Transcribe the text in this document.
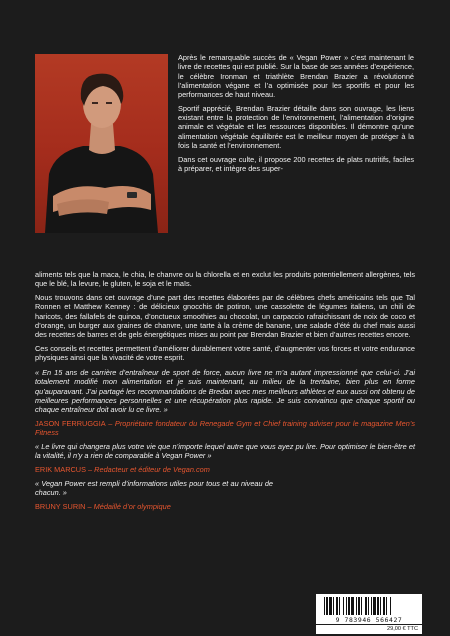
Après le remarquable succès de « Vegan Power » c’est maintenant le livre de recettes qui est publié. Sur la base de ses années d’expérience, le célèbre Ironman et triathlète Brendan Brazier a révolutionné l’alimentation végane et l’a optimisée pour les sportifs et pour les performances de haut niveau.

Sportif apprécié, Brendan Brazier détaille dans son ouvrage, les liens existant entre la protection de l’environnement, l’alimentation d’origine animale et végétale et les ressources disponibles. Il démontre qu’une alimentation végétale équilibrée est le meilleur moyen de protéger à la fois la santé et l’environnement.

Dans cet ouvrage culte, il propose 200 recettes de plats nutritifs, faciles à préparer, et intègre des super-

aliments tels que la maca, le chia, le chanvre ou la chlorella et en exclut les produits potentiellement allergènes, tels que le blé, la levure, le gluten, le soja et le maïs.

Nous trouvons dans cet ouvrage d’une part des recettes élaborées par de célèbres chefs américains tels que Tal Ronnen et Matthew Kenney : de délicieux gnocchis de potiron, une cassolette de légumes italiens, un chili de haricots, des fallafels de quinoa, d’onctueux smoothies au chocolat, un carpaccio rafraichissant de noix de coco et d’orange, un burger aux graines de chanvre, une tarte à la crème de banane, une salade d’été du chef mais aussi des recettes de barres et de gels énergétiques mises au point par Brendan Brazier et bien d’autres recettes encore.

Ces conseils et recettes permettent d’améliorer durablement votre santé, d’augmenter vos forces et votre endurance physiques ainsi que la vivacité de votre esprit.

« En 15 ans de carrière d’entraîneur de sport de force, aucun livre ne m’a autant impressionné que celui-ci. J’ai totalement modifié mon alimentation et je suis maintenant, au milieu de la trentaine, bien plus en forme qu’auparavant. J’ai partagé les recommandations de Bredan avec mes meilleurs athlètes et eux aussi ont obtenu de meilleures performances personnelles et une récupération plus rapide. Je suis convaincu que chaque sportif ou chaque entraîneur doit avoir lu ce livre. »

JASON FERRUGGIA – Propriétaire fondateur du Renegade Gym et Chief training adviser pour le magazine Men’s Fitness

« Le livre qui changera plus votre vie que n’importe lequel autre que vous ayez pu lire. Pour optimiser le bien-être et la vitalité, il n’y a rien de comparable à Vegan Power »

ERIK MARCUS – Redacteur et éditeur de Vegan.com

« Vegan Power est rempli d’informations utiles pour tous et au niveau de chacun. »

BRUNY SURIN – Médaillé d’or olympique

9 783946 566427
29,00 € TTC
